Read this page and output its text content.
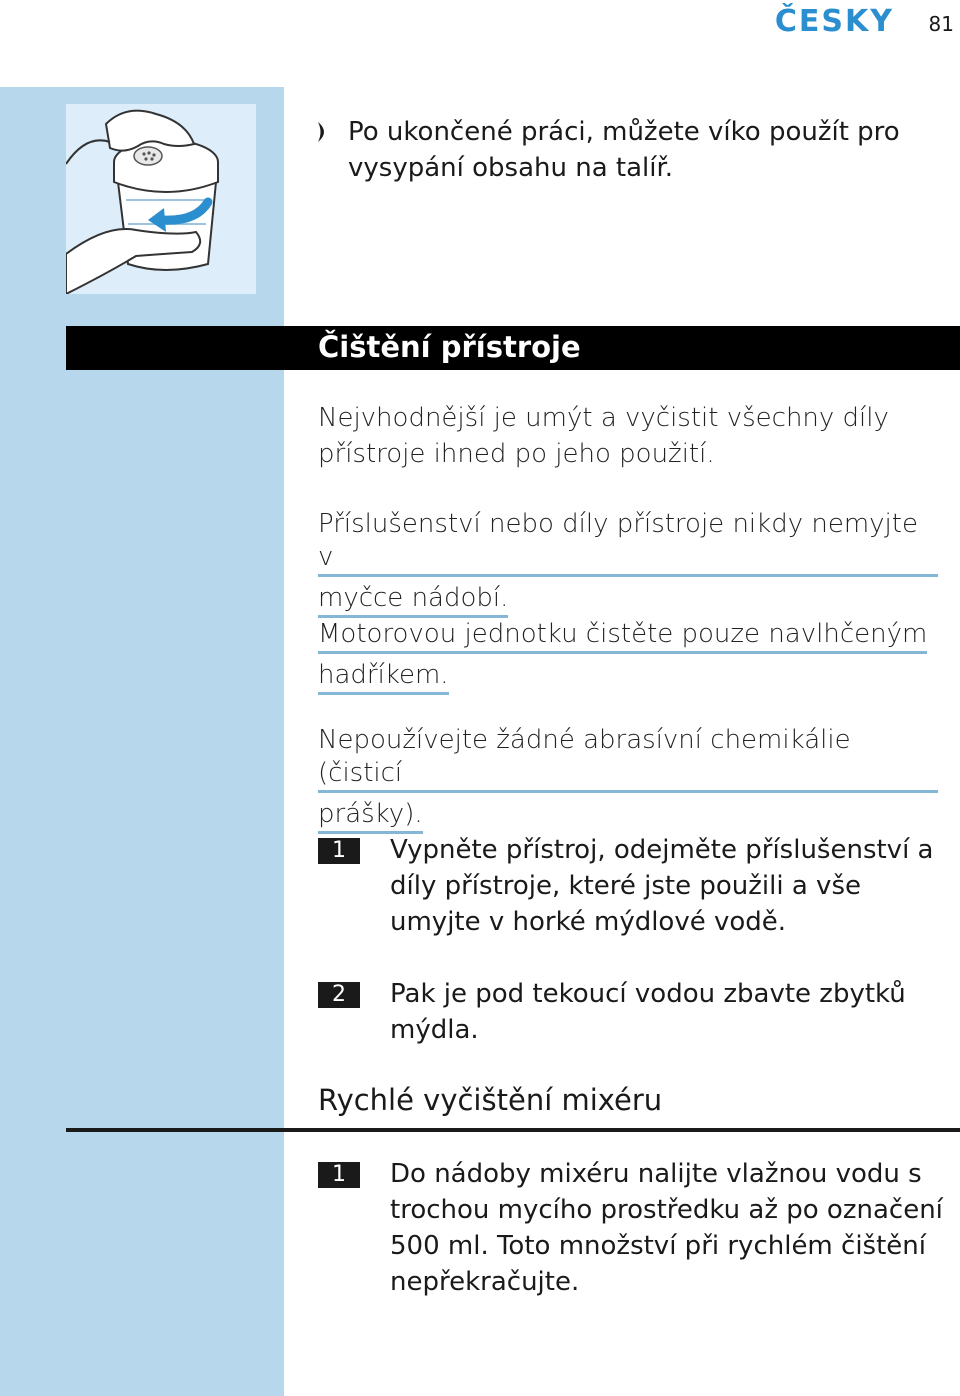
ČESKY 81
Po ukončené práci, můžete víko použít pro
vysypání obsahu na talíř.
Čištění přístroje
Nejvhodnější je umýt a vyčistit všechny díly
přístroje ihned po jeho použití.
Příslušenství nebo díly přístroje nikdy nemyjte v
myčce nádobí.
Motorovou jednotku čistěte pouze navlhčeným
hadříkem.
Nepoužívejte žádné abrasívní chemikálie (čisticí
prášky).
1	Vypněte přístroj, odejměte příslušenství a
díly přístroje, které jste použili a vše
umyjte v horké mýdlové vodě.
2	Pak je pod tekoucí vodou zbavte zbytků
mýdla.
Rychlé vyčištění mixéru
1	Do nádoby mixéru nalijte vlažnou vodu s
trochou mycího prostředku až po označení
500 ml. Toto množství při rychlém čištění
nepřekračujte.
